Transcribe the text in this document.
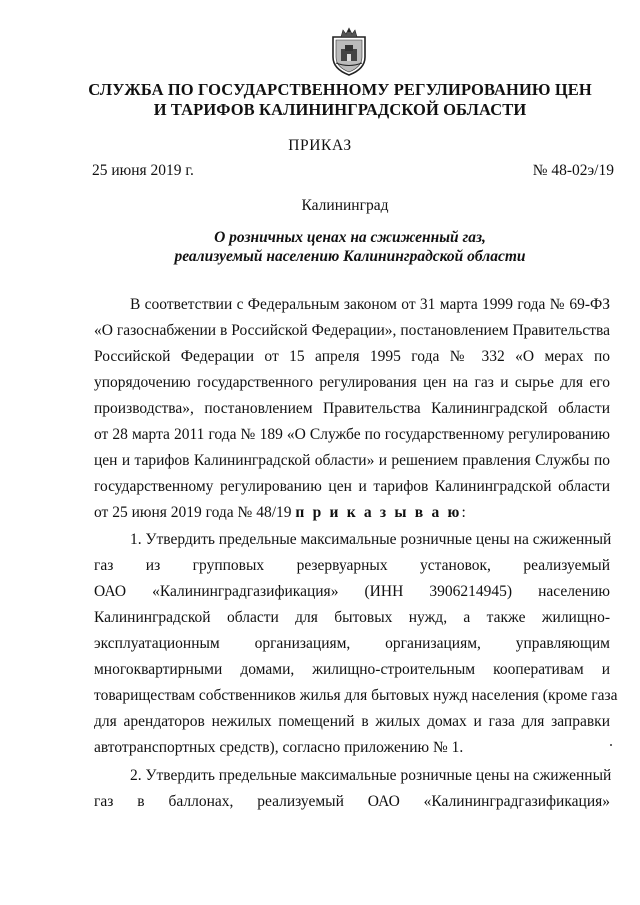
СЛУЖБА ПО ГОСУДАРСТВЕННОМУ РЕГУЛИРОВАНИЮ ЦЕН
И ТАРИФОВ КАЛИНИНГРАДСКОЙ ОБЛАСТИ
ПРИКАЗ
25 июня 2019 г.	№ 48-02э/19
Калининград
О розничных ценах на сжиженный газ,
реализуемый населению Калининградской области
В соответствии с Федеральным законом от 31 марта 1999 года № 69-ФЗ
«О газоснабжении в Российской Федерации», постановлением Правительства
Российской Федерации от 15 апреля 1995 года № 332 «О мерах по
упорядочению государственного регулирования цен на газ и сырье для его
производства», постановлением Правительства Калининградской области
от 28 марта 2011 года № 189 «О Службе по государственному регулированию
цен и тарифов Калининградской области» и решением правления Службы по
государственному регулированию цен и тарифов Калининградской области
от 25 июня 2019 года № 48/19 п р и к а з ы в а ю:
1. Утвердить предельные максимальные розничные цены на сжиженный
газ из групповых резервуарных установок, реализуемый
ОАО «Калининградгазификация» (ИНН 3906214945) населению
Калининградской области для бытовых нужд, а также жилищно-
эксплуатационным организациям, организациям, управляющим
многоквартирными домами, жилищно-строительным кооперативам и
товариществам собственников жилья для бытовых нужд населения (кроме газа
для арендаторов нежилых помещений в жилых домах и газа для заправки
автотранспортных средств), согласно приложению № 1.
2. Утвердить предельные максимальные розничные цены на сжиженный
газ в баллонах, реализуемый ОАО «Калининградгазификация»
